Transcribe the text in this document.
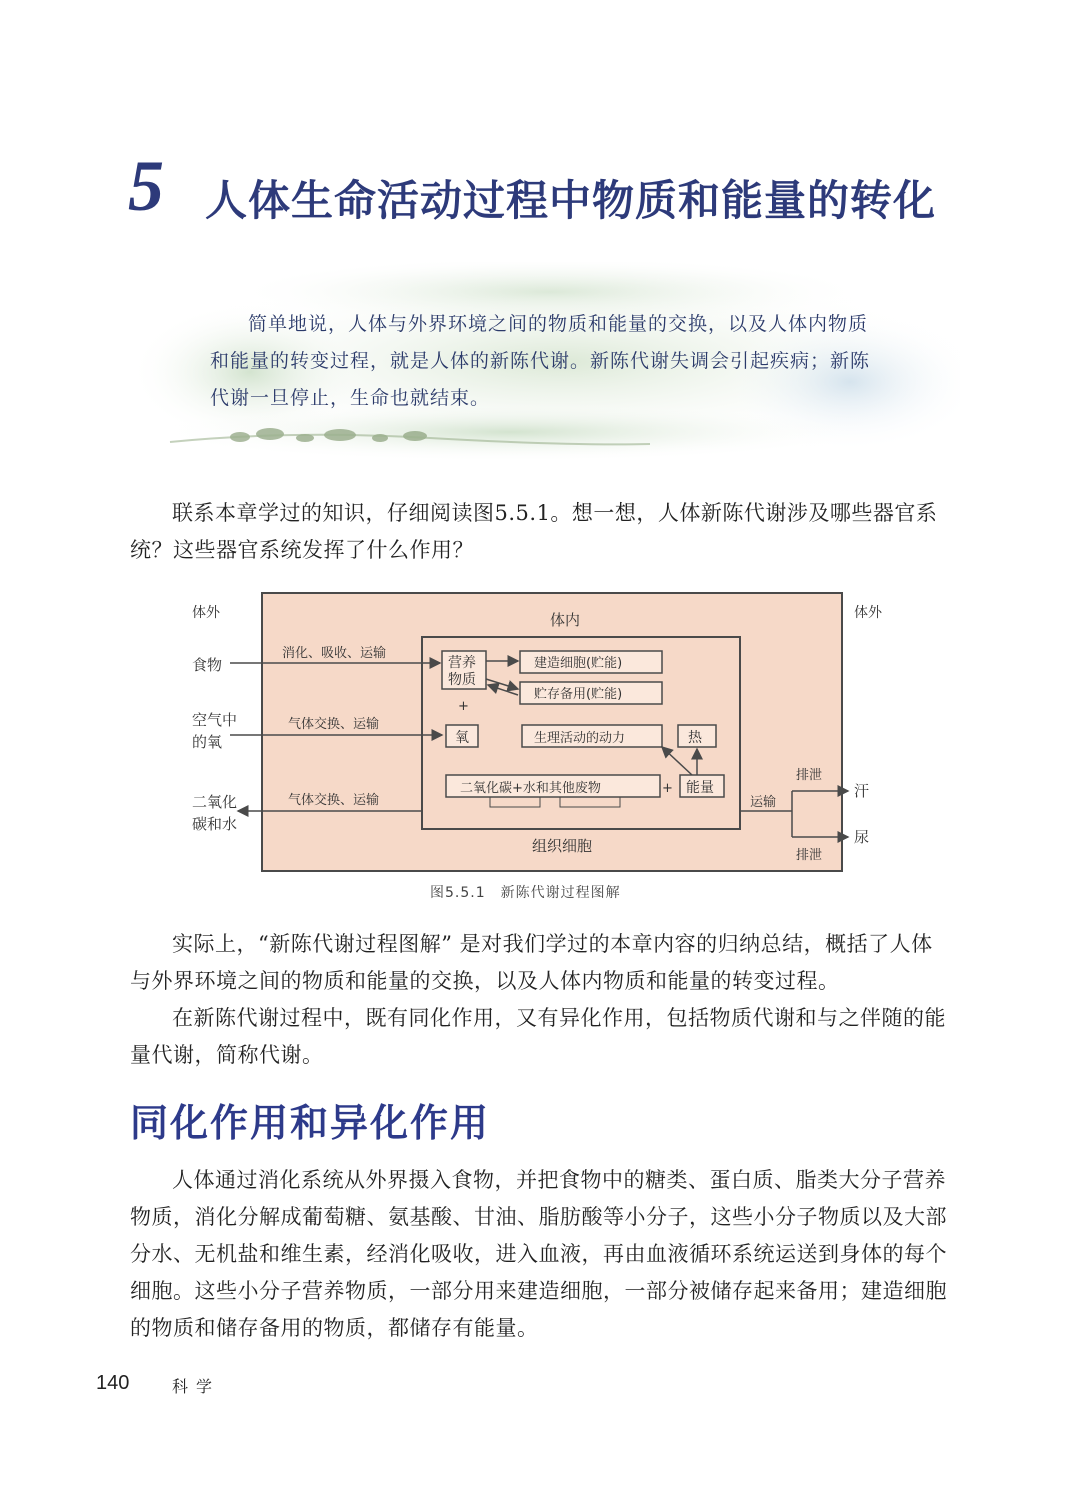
5 人体生命活动过程中物质和能量的转化

简单地说，人体与外界环境之间的物质和能量的交换，以及人体内物质和能量的转变过程，就是人体的新陈代谢。新陈代谢失调会引起疾病；新陈代谢一旦停止，生命也就结束。

联系本章学过的知识，仔细阅读图5.5.1。想一想，人体新陈代谢涉及哪些器官系统？这些器官系统发挥了什么作用？

体外	体外
体内
组织细胞
食物
空气中
的氧
二氧化
碳和水
消化、吸收、运输
气体交换、运输
气体交换、运输
营养
物质
建造细胞(贮能)
贮存备用(贮能)
+
氧	生理活动的动力	热
二氧化碳+水和其他废物	+ 能量
运输
排泄
排泄
汗
尿
图5.5.1　新陈代谢过程图解

实际上，“新陈代谢过程图解” 是对我们学过的本章内容的归纳总结，概括了人体与外界环境之间的物质和能量的交换，以及人体内物质和能量的转变过程。

在新陈代谢过程中，既有同化作用，又有异化作用，包括物质代谢和与之伴随的能量代谢，简称代谢。

同化作用和异化作用

人体通过消化系统从外界摄入食物，并把食物中的糖类、蛋白质、脂类大分子营养物质，消化分解成葡萄糖、氨基酸、甘油、脂肪酸等小分子，这些小分子物质以及大部分水、无机盐和维生素，经消化吸收，进入血液，再由血液循环系统运送到身体的每个细胞。这些小分子营养物质，一部分用来建造细胞，一部分被储存起来备用；建造细胞的物质和储存备用的物质，都储存有能量。

140	科学
